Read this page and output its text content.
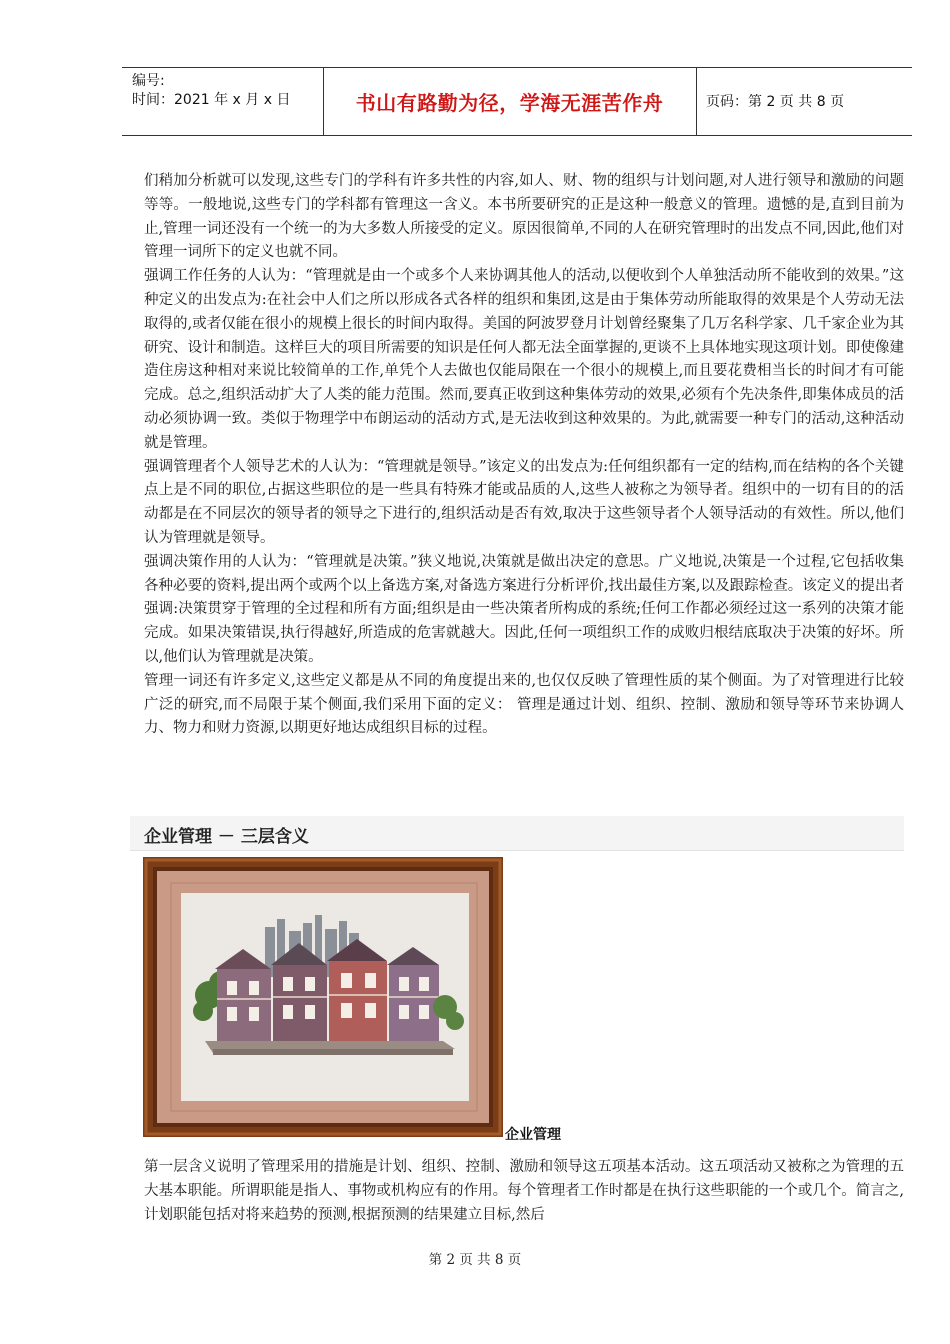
编号:
时间：2021 年 x 月 x 日	书山有路勤为径，学海无涯苦作舟	页码：第 2 页 共 8 页

们稍加分析就可以发现,这些专门的学科有许多共性的内容,如人、财、物的组织与计划问题,对人进行领导和激励的问题等等。一般地说,这些专门的学科都有管理这一含义。本书所要研究的正是这种一般意义的管理。遗憾的是,直到目前为止,管理一词还没有一个统一的为大多数人所接受的定义。原因很简单,不同的人在研究管理时的出发点不同,因此,他们对管理一词所下的定义也就不同。

强调工作任务的人认为：“管理就是由一个或多个人来协调其他人的活动,以便收到个人单独活动所不能收到的效果。”这种定义的出发点为:在社会中人们之所以形成各式各样的组织和集团,这是由于集体劳动所能取得的效果是个人劳动无法取得的,或者仅能在很小的规模上很长的时间内取得。美国的阿波罗登月计划曾经聚集了几万名科学家、几千家企业为其研究、设计和制造。这样巨大的项目所需要的知识是任何人都无法全面掌握的,更谈不上具体地实现这项计划。即使像建造住房这种相对来说比较简单的工作,单凭个人去做也仅能局限在一个很小的规模上,而且要花费相当长的时间才有可能完成。总之,组织活动扩大了人类的能力范围。然而,要真正收到这种集体劳动的效果,必须有个先决条件,即集体成员的活动必须协调一致。类似于物理学中布朗运动的活动方式,是无法收到这种效果的。为此,就需要一种专门的活动,这种活动就是管理。

强调管理者个人领导艺术的人认为：“管理就是领导。”该定义的出发点为:任何组织都有一定的结构,而在结构的各个关键点上是不同的职位,占据这些职位的是一些具有特殊才能或品质的人,这些人被称之为领导者。组织中的一切有目的的活动都是在不同层次的领导者的领导之下进行的,组织活动是否有效,取决于这些领导者个人领导活动的有效性。所以,他们认为管理就是领导。

强调决策作用的人认为：“管理就是决策。”狭义地说,决策就是做出决定的意思。广义地说,决策是一个过程,它包括收集各种必要的资料,提出两个或两个以上备选方案,对备选方案进行分析评价,找出最佳方案,以及跟踪检查。该定义的提出者强调:决策贯穿于管理的全过程和所有方面;组织是由一些决策者所构成的系统;任何工作都必须经过这一系列的决策才能完成。如果决策错误,执行得越好,所造成的危害就越大。因此,任何一项组织工作的成败归根结底取决于决策的好坏。所以,他们认为管理就是决策。

管理一词还有许多定义,这些定义都是从不同的角度提出来的,也仅仅反映了管理性质的某个侧面。为了对管理进行比较广泛的研究,而不局限于某个侧面,我们采用下面的定义： 管理是通过计划、组织、控制、激励和领导等环节来协调人力、物力和财力资源,以期更好地达成组织目标的过程。

企业管理 － 三层含义
企业管理

第一层含义说明了管理采用的措施是计划、组织、控制、激励和领导这五项基本活动。这五项活动又被称之为管理的五大基本职能。所谓职能是指人、事物或机构应有的作用。每个管理者工作时都是在执行这些职能的一个或几个。简言之,计划职能包括对将来趋势的预测,根据预测的结果建立目标,然后

第 2 页 共 8 页
